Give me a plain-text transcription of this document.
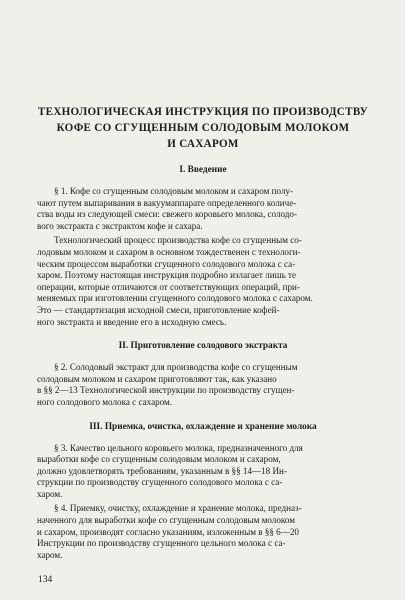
ТЕХНОЛОГИЧЕСКАЯ ИНСТРУКЦИЯ ПО ПРОИЗВОДСТВУ
КОФЕ СО СГУЩЕННЫМ СОЛОДОВЫМ МОЛОКОМ
И САХАРОМ
I. Введение

§ 1. Кофе со сгущенным солодовым молоком и сахаром полу-
чают путем выпаривания в вакуумаппарате определенного количе-
ства воды из следующей смеси: свежего коровьего молока, солодо-
вого экстракта с экстрактом кофе и сахара.

Технологический процесс производства кофе со сгущенным со-
лодовым молоком и сахаром в основном тождественен с технологи-
ческим процессом выработки сгущенного солодового молока с са-
харом. Поэтому настоящая инструкция подробно излагает лишь те
операции, которые отличаются от соответствующих операций, при-
меняемых при изготовлении сгущенного солодового молока с сахаром.
Это — стандартизация исходной смеси, приготовление кофей-
ного экстракта и введение его в исходную смесь.

II. Приготовление солодового экстракта

§ 2. Солодовый экстракт для производства кофе со сгущенным
солодовым молоком и сахаром приготовляют так, как указано
в §§ 2—13 Технологической инструкции по производству сгущен-
ного солодового молока с сахаром.

III. Приемка, очистка, охлаждение и хранение молока

§ 3. Качество цельного коровьего молока, предназначенного для
выработки кофе со сгущенным солодовым молоком и сахаром,
должно удовлетворять требованиям, указанным в §§ 14—18 Ин-
струкции по производству сгущенного солодового молока с са-
харом.

§ 4. Приемку, очистку, охлаждение и хранение молока, предназ-
наченного для выработки кофе со сгущенным солодовым молоком
и сахаром, производят согласно указаниям, изложенным в §§ 6—20
Инструкции по производству сгущенного цельного молока с са-
харом.

134
